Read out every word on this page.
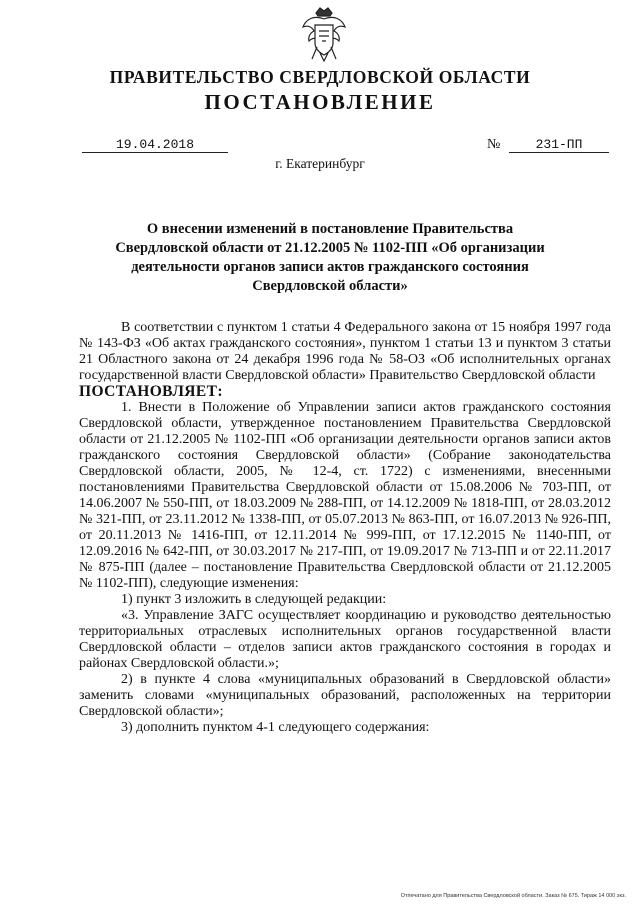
ПРАВИТЕЛЬСТВО СВЕРДЛОВСКОЙ ОБЛАСТИ
ПОСТАНОВЛЕНИЕ
19.04.2018	№	231-ПП
г. Екатеринбург
О внесении изменений в постановление Правительства Свердловской области от 21.12.2005 № 1102-ПП «Об организации деятельности органов записи актов гражданского состояния Свердловской области»

В соответствии с пунктом 1 статьи 4 Федерального закона от 15 ноября 1997 года № 143-ФЗ «Об актах гражданского состояния», пунктом 1 статьи 13 и пунктом 3 статьи 21 Областного закона от 24 декабря 1996 года № 58-ОЗ «Об исполнительных органах государственной власти Свердловской области» Правительство Свердловской области

ПОСТАНОВЛЯЕТ:

1. Внести в Положение об Управлении записи актов гражданского состояния Свердловской области, утвержденное постановлением Правительства Свердловской области от 21.12.2005 № 1102-ПП «Об организации деятельности органов записи актов гражданского состояния Свердловской области» (Собрание законодательства Свердловской области, 2005, № 12-4, ст. 1722) с изменениями, внесенными постановлениями Правительства Свердловской области от 15.08.2006 № 703-ПП, от 14.06.2007 № 550-ПП, от 18.03.2009 № 288-ПП, от 14.12.2009 № 1818-ПП, от 28.03.2012 № 321-ПП, от 23.11.2012 № 1338-ПП, от 05.07.2013 № 863-ПП, от 16.07.2013 № 926-ПП, от 20.11.2013 № 1416-ПП, от 12.11.2014 № 999-ПП, от 17.12.2015 № 1140-ПП, от 12.09.2016 № 642-ПП, от 30.03.2017 № 217-ПП, от 19.09.2017 № 713-ПП и от 22.11.2017 № 875-ПП (далее – постановление Правительства Свердловской области от 21.12.2005 № 1102-ПП), следующие изменения:

1) пункт 3 изложить в следующей редакции:

«3. Управление ЗАГС осуществляет координацию и руководство деятельностью территориальных отраслевых исполнительных органов государственной власти Свердловской области – отделов записи актов гражданского состояния в городах и районах Свердловской области.»;

2) в пункте 4 слова «муниципальных образований в Свердловской области» заменить словами «муниципальных образований, расположенных на территории Свердловской области»;

3) дополнить пунктом 4-1 следующего содержания:

Отпечатано для Правительства Свердловской области. Заказ № 675. Тираж 14 000 экз.
